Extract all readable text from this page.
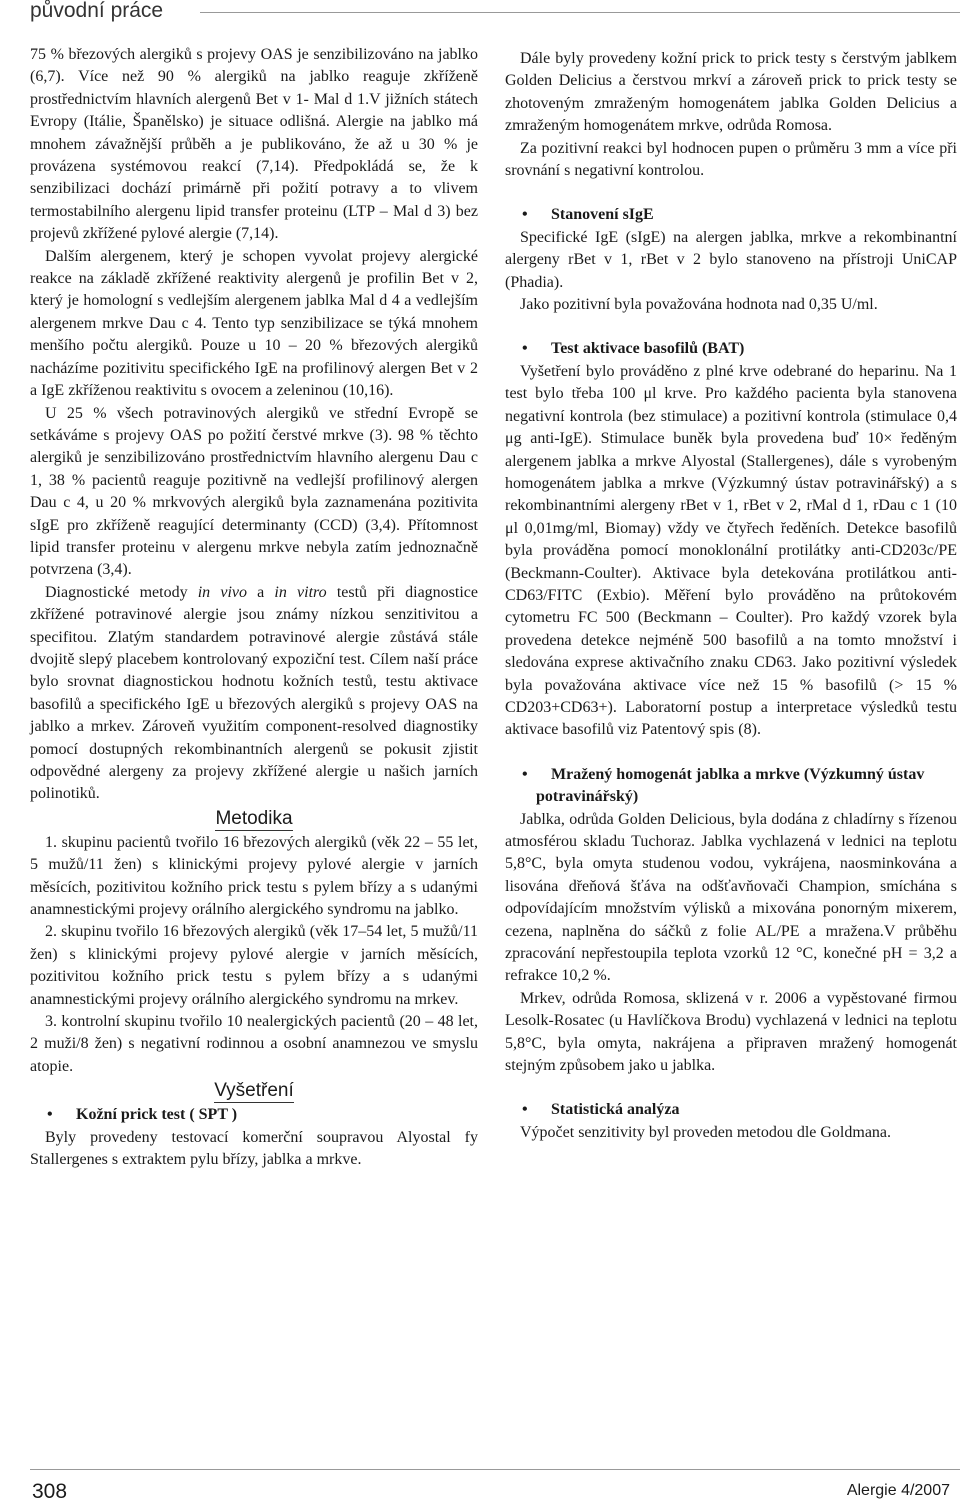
původní práce

75 % březových alergiků s projevy OAS je senzibilizováno na jablko (6,7). Více než 90 % alergiků na jablko reaguje zkříženě prostřednictvím hlavních alergenů Bet v 1- Mal d 1.V jižních státech Evropy (Itálie, Španělsko) je situace odlišná. Alergie na jablko má mnohem závažnější průběh a je publikováno, že až u 30 % je provázena systémovou reakcí (7,14). Předpokládá se, že k senzibilizaci dochází primárně při požití potravy a to vlivem termostabilního alergenu lipid transfer proteinu (LTP – Mal d 3) bez projevů zkřížené pylové alergie (7,14).

Dalším alergenem, který je schopen vyvolat projevy alergické reakce na základě zkřížené reaktivity alergenů je profilin Bet v 2, který je homologní s vedlejším alergenem jablka Mal d 4 a vedlejším alergenem mrkve Dau c 4. Tento typ senzibilizace se týká mnohem menšího počtu alergiků. Pouze u 10 – 20 % březových alergiků nacházíme pozitivitu specifického IgE na profilinový alergen Bet v 2 a IgE zkříženou reaktivitu s ovocem a zeleninou (10,16).

U 25 % všech potravinových alergiků ve střední Evropě se setkáváme s projevy OAS po požití čerstvé mrkve (3). 98 % těchto alergiků je senzibilizováno prostřednictvím hlavního alergenu Dau c 1, 38 % pacientů reaguje pozitivně na vedlejší profilinový alergen Dau c 4, u 20 % mrkvových alergiků byla zaznamenána pozitivita sIgE pro zkříženě reagující determinanty (CCD) (3,4). Přítomnost lipid transfer proteinu v alergenu mrkve nebyla zatím jednoznačně potvrzena (3,4).

Diagnostické metody in vivo a in vitro testů při diagnostice zkřížené potravinové alergie jsou známy nízkou senzitivitou a specifitou. Zlatým standardem potravinové alergie zůstává stále dvojitě slepý placebem kontrolovaný expoziční test. Cílem naší práce bylo srovnat diagnostickou hodnotu kožních testů, testu aktivace basofilů a specifického IgE u březových alergiků s projevy OAS na jablko a mrkev. Zároveň využitím component-resolved diagnostiky pomocí dostupných rekombinantních alergenů se pokusit zjistit odpovědné alergeny za projevy zkřížené alergie u našich jarních polinotiků.

Metodika

1. skupinu pacientů tvořilo 16 březových alergiků (věk 22 – 55 let, 5 mužů/11 žen) s klinickými projevy pylové alergie v jarních měsících, pozitivitou kožního prick testu s pylem břízy a s udanými anamnestickými projevy orálního alergického syndromu na jablko.

2. skupinu tvořilo 16 březových alergiků (věk 17–54 let, 5 mužů/11 žen) s klinickými projevy pylové alergie v jarních měsících, pozitivitou kožního prick testu s pylem břízy a s udanými anamnestickými projevy orálního alergického syndromu na mrkev.

3. kontrolní skupinu tvořilo 10 nealergických pacientů (20 – 48 let, 2 muži/8 žen) s negativní rodinnou a osobní anamnezou ve smyslu atopie.

Vyšetření

• Kožní prick test ( SPT )

Byly provedeny testovací komerční soupravou Alyostal fy Stallergenes s extraktem pylu břízy, jablka a mrkve.

Dále byly provedeny kožní prick to prick testy s čerstvým jablkem Golden Delicius a čerstvou mrkví a zároveň prick to prick testy se zhotoveným zmraženým homogenátem jablka Golden Delicius a zmraženým homogenátem mrkve, odrůda Romosa.

Za pozitivní reakci byl hodnocen pupen o průměru 3 mm a více při srovnání s negativní kontrolou.

• Stanovení sIgE

Specifické IgE (sIgE) na alergen jablka, mrkve a rekombinantní alergeny rBet v 1, rBet v 2 bylo stanoveno na přístroji UniCAP (Phadia).

Jako pozitivní byla považována hodnota nad 0,35 U/ml.

• Test aktivace basofilů (BAT)

Vyšetření bylo prováděno z plné krve odebrané do heparinu. Na 1 test bylo třeba 100 μl krve. Pro každého pacienta byla stanovena negativní kontrola (bez stimulace) a pozitivní kontrola (stimulace 0,4 μg anti-IgE). Stimulace buněk byla provedena buď 10× ředěným alergenem jablka a mrkve Alyostal (Stallergenes), dále s vyrobeným homogenátem jablka a mrkve (Výzkumný ústav potravinářský) a s rekombinantními alergeny rBet v 1, rBet v 2, rMal d 1, rDau c 1 (10 μl 0,01mg/ml, Biomay) vždy ve čtyřech ředěních. Detekce basofilů byla prováděna pomocí monoklonální protilátky anti-CD203c/PE (Beckmann-Coulter). Aktivace byla detekována protilátkou anti-CD63/FITC (Exbio). Měření bylo prováděno na průtokovém cytometru FC 500 (Beckmann – Coulter). Pro každý vzorek byla provedena detekce nejméně 500 basofilů a na tomto množství i sledována exprese aktivačního znaku CD63. Jako pozitivní výsledek byla považována aktivace více než 15 % basofilů (> 15 % CD203+CD63+). Laboratorní postup a interpretace výsledků testu aktivace basofilů viz Patentový spis (8).

• Mražený homogenát jablka a mrkve (Výzkumný ústav potravinářský)

Jablka, odrůda Golden Delicious, byla dodána z chladírny s řízenou atmosférou skladu Tuchoraz. Jablka vychlazená v lednici na teplotu 5,8°C, byla omyta studenou vodou, vykrájena, naosminkována a lisována dřeňová šťáva na odšťavňovači Champion, smíchána s odpovídajícím množstvím výlisků a mixována ponorným mixerem, cezena, naplněna do sáčků z folie AL/PE a mražena.V průběhu zpracování nepřestoupila teplota vzorků 12 °C, konečné pH = 3,2 a refrakce 10,2 %.

Mrkev, odrůda Romosa, sklizená v r. 2006 a vypěstované firmou Lesolk-Rosatec (u Havlíčkova Brodu) vychlazená v lednici na teplotu 5,8°C, byla omyta, nakrájena a připraven mražený homogenát stejným způsobem jako u jablka.

• Statistická analýza

Výpočet senzitivity byl proveden metodou dle Goldmana.

308	Alergie 4/2007
